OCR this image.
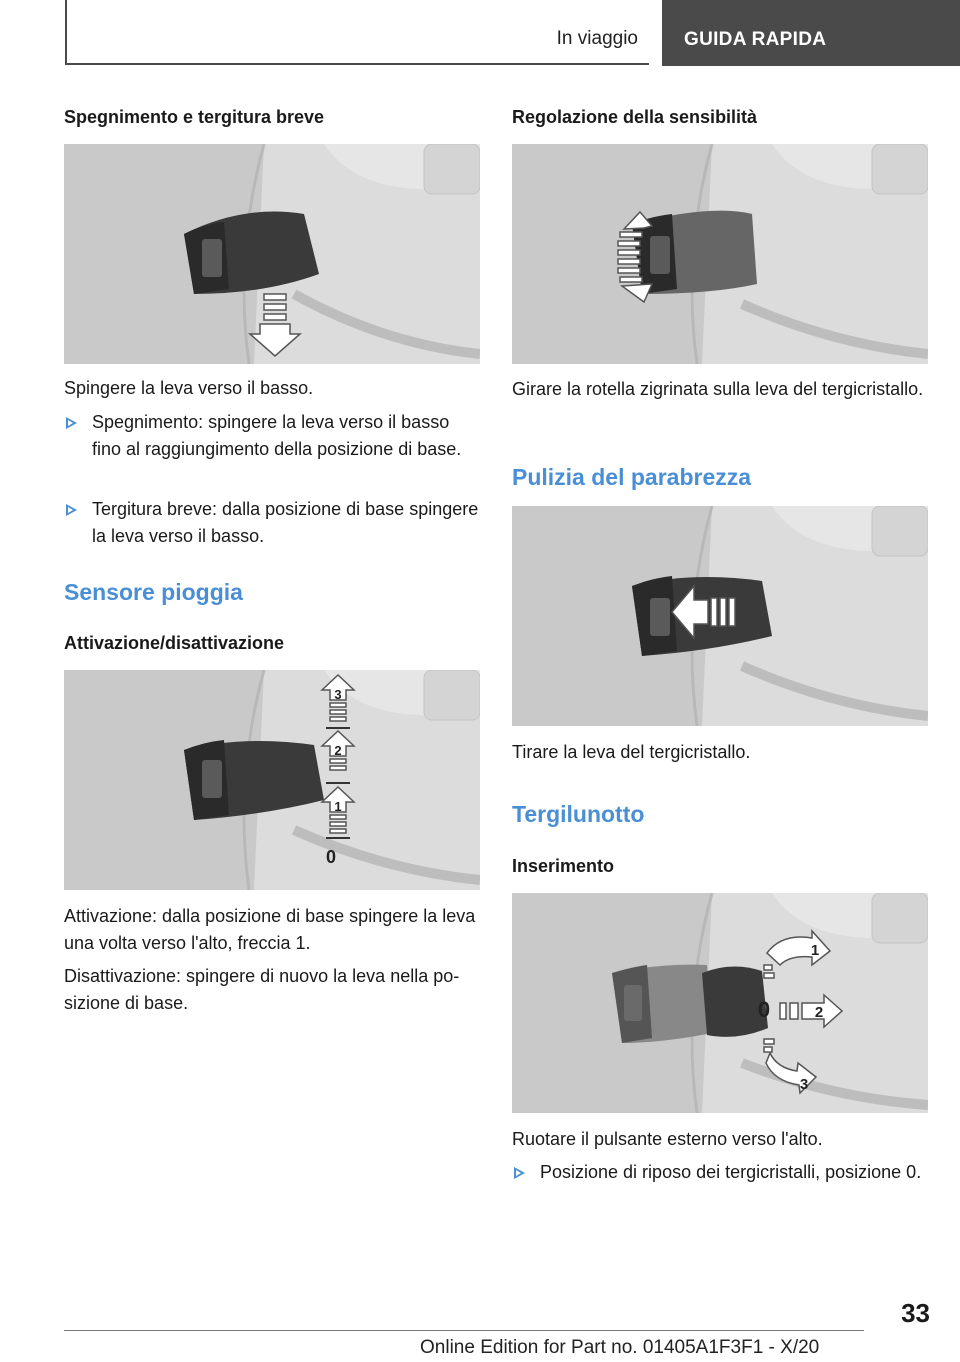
In viaggio GUIDA RAPIDA
Spegnimento e tergitura breve
Spingere la leva verso il basso.
Spegnimento: spingere la leva verso il basso fino al raggiungimento della posizione di base.
Tergitura breve: dalla posizione di base spingere la leva verso il basso.
Sensore pioggia
Attivazione/disattivazione
3
2
1
0
Attivazione: dalla posizione di base spingere la leva una volta verso l'alto, freccia 1.
Disattivazione: spingere di nuovo la leva nella posizione di base.
Regolazione della sensibilità
Girare la rotella zigrinata sulla leva del tergicristallo.
Pulizia del parabrezza
Tirare la leva del tergicristallo.
Tergilunotto
Inserimento
1
0	2
3
Ruotare il pulsante esterno verso l'alto.
Posizione di riposo dei tergicristalli, posizione 0.
33
Online Edition for Part no. 01405A1F3F1 - X/20
